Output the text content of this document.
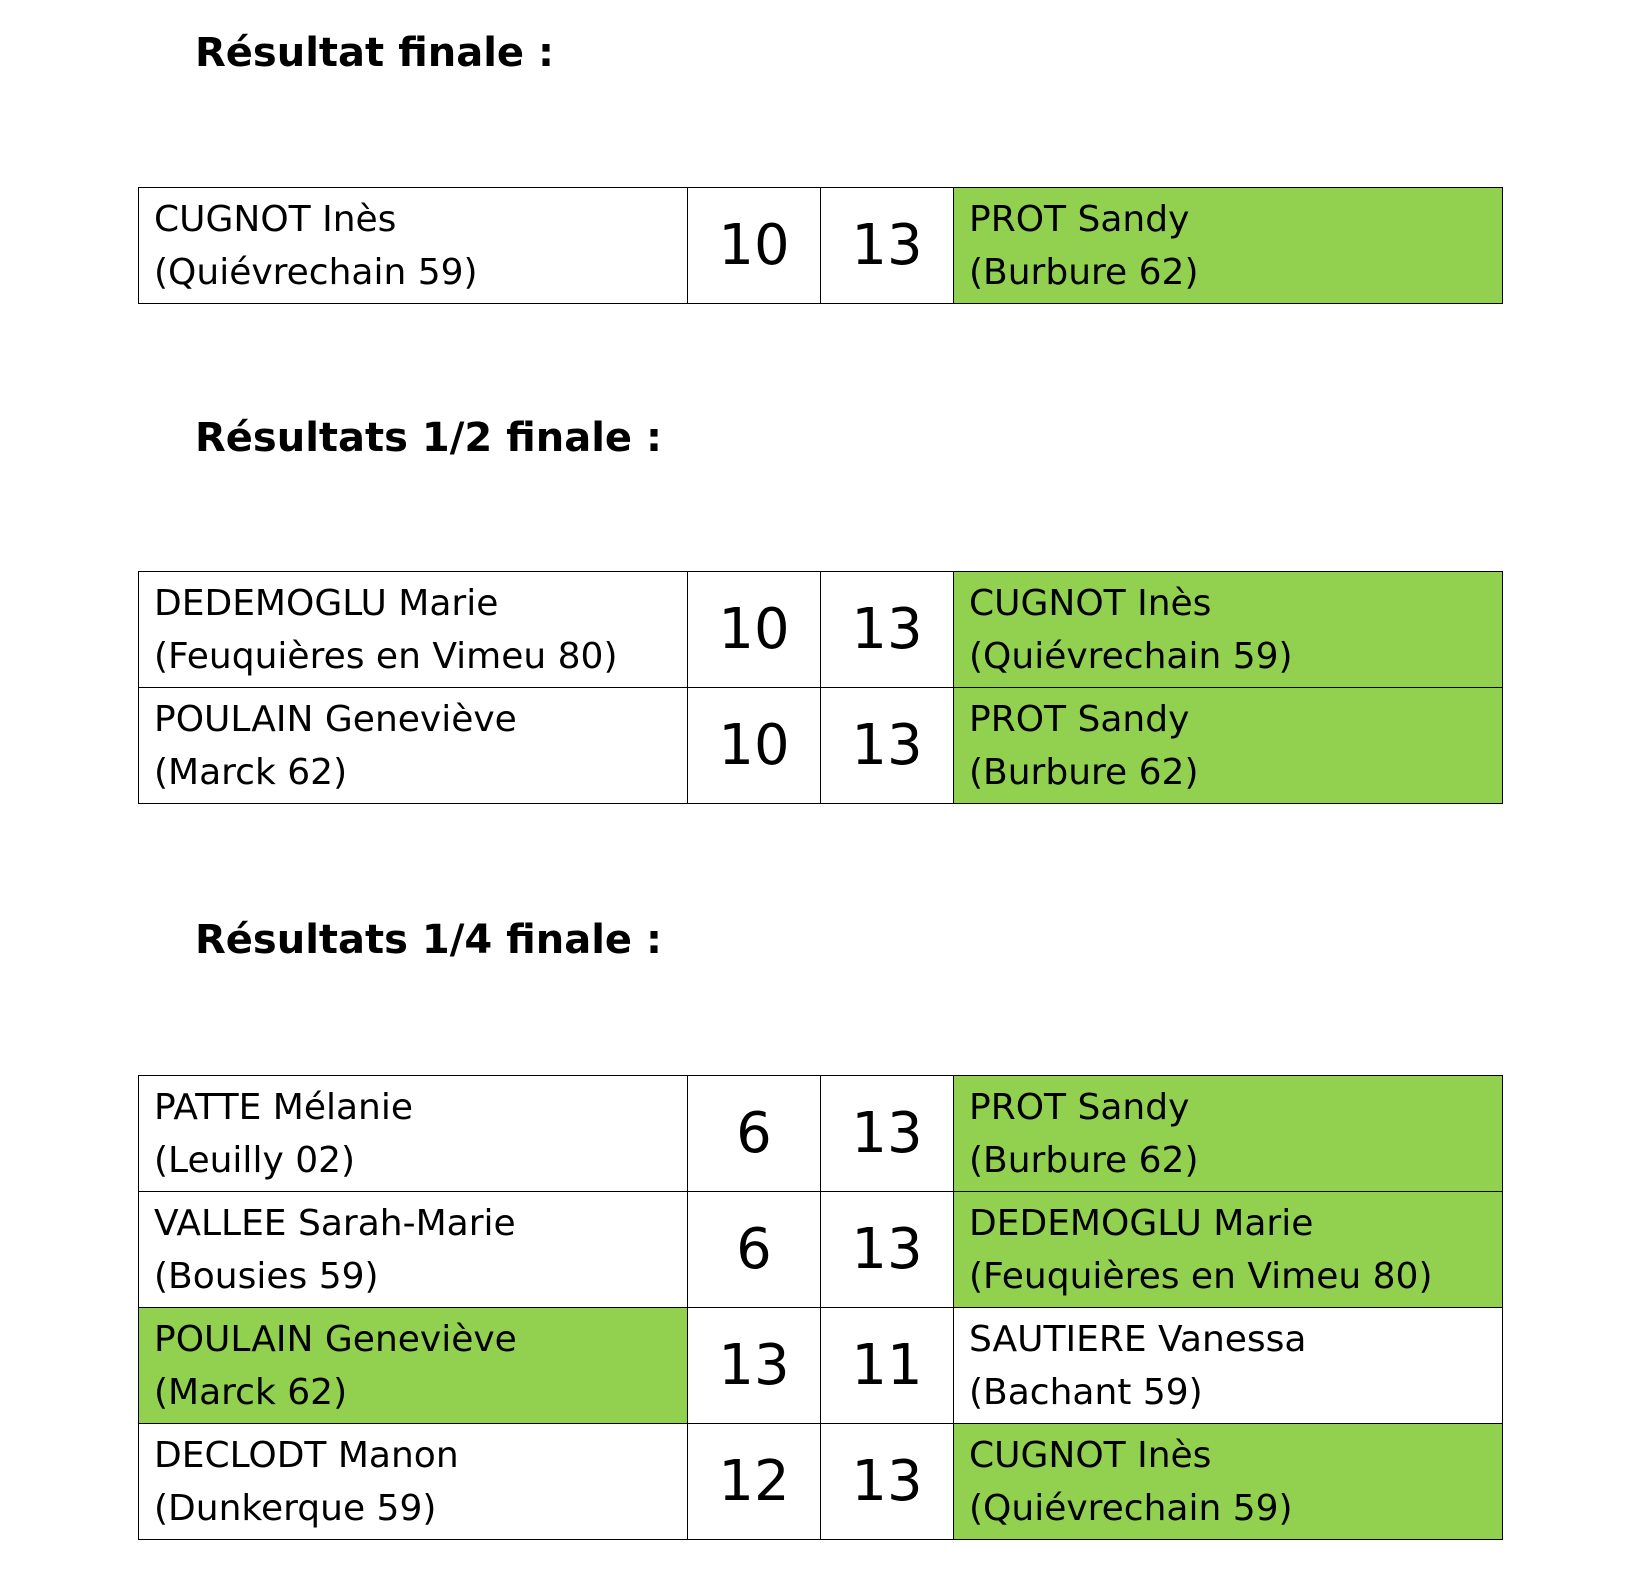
Résultat finale :
CUGNOT Inès
(Quiévrechain 59)	10	13	PROT Sandy
(Burbure 62)
Résultats 1/2 finale :
DEDEMOGLU Marie
(Feuquières en Vimeu 80)	10	13	CUGNOT Inès
(Quiévrechain 59)

POULAIN Geneviève
(Marck 62)	10	13	PROT Sandy
(Burbure 62)
Résultats 1/4 finale :
PATTE Mélanie
(Leuilly 02)	6	13	PROT Sandy
(Burbure 62)

VALLEE Sarah-Marie
(Bousies 59)	6	13	DEDEMOGLU Marie
(Feuquières en Vimeu 80)

POULAIN Geneviève
(Marck 62)	13	11	SAUTIERE Vanessa
(Bachant 59)

DECLODT Manon
(Dunkerque 59)	12	13	CUGNOT Inès
(Quiévrechain 59)
